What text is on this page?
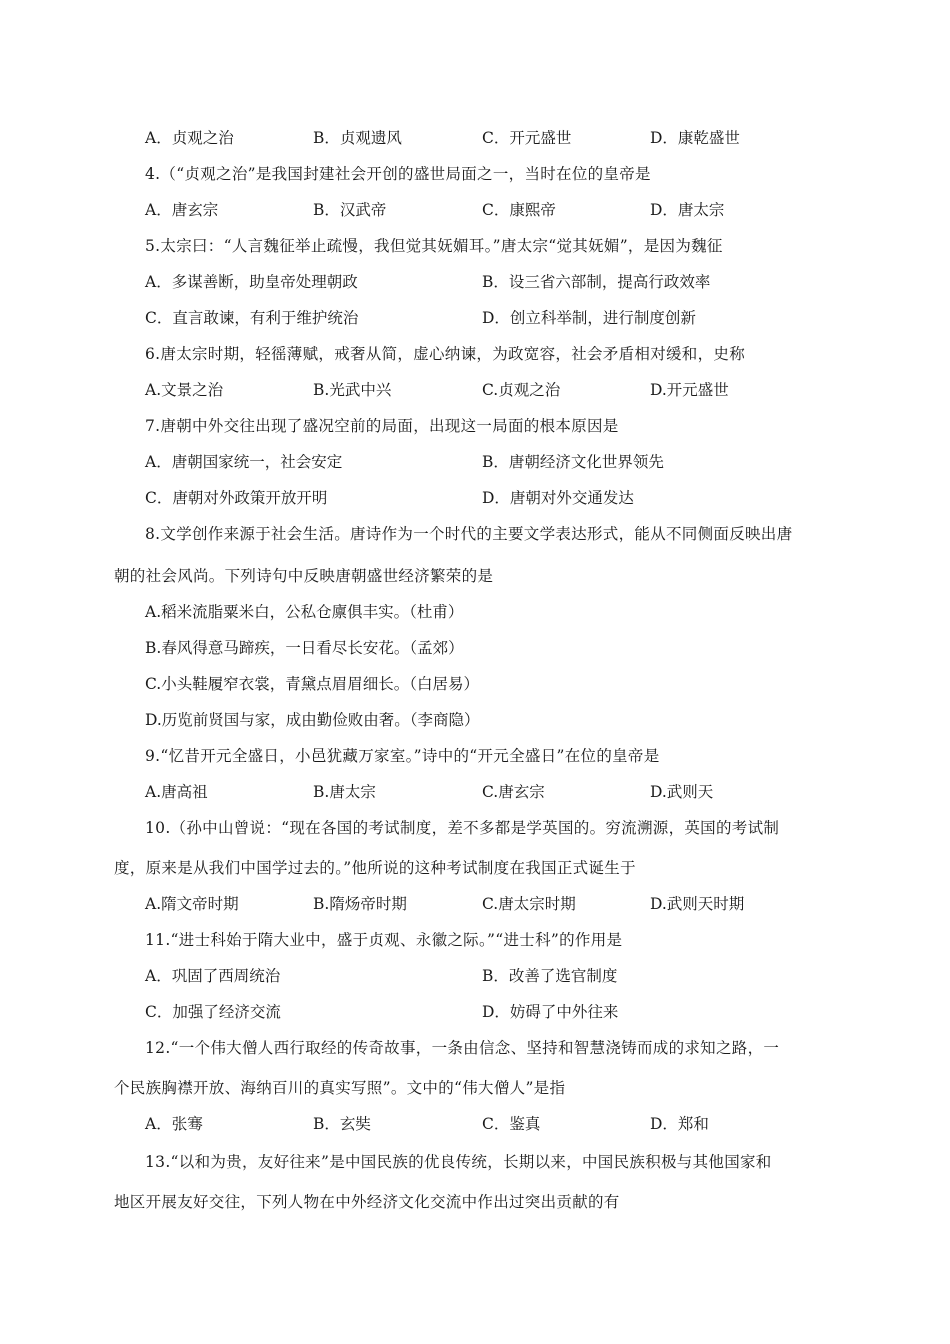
A．贞观之治	B．贞观遗风	C．开元盛世	D．康乾盛世
4.（“贞观之治”是我国封建社会开创的盛世局面之一，当时在位的皇帝是
A．唐玄宗	B．汉武帝	C．康熙帝	D．唐太宗
5.太宗曰：“人言魏征举止疏慢，我但觉其妩媚耳。”唐太宗“觉其妩媚”，是因为魏征
A．多谋善断，助皇帝处理朝政	B．设三省六部制，提高行政效率
C．直言敢谏，有利于维护统治	D．创立科举制，进行制度创新
6.唐太宗时期，轻徭薄赋，戒奢从简，虚心纳谏，为政宽容，社会矛盾相对缓和，史称
A.文景之治	B.光武中兴	C.贞观之治	D.开元盛世
7.唐朝中外交往出现了盛况空前的局面，出现这一局面的根本原因是
A．唐朝国家统一，社会安定	B．唐朝经济文化世界领先
C．唐朝对外政策开放开明	D．唐朝对外交通发达
8.文学创作来源于社会生活。唐诗作为一个时代的主要文学表达形式，能从不同侧面反映出唐
朝的社会风尚。下列诗句中反映唐朝盛世经济繁荣的是
A.稻米流脂粟米白，公私仓廪俱丰实。（杜甫）
B.春风得意马蹄疾，一日看尽长安花。（孟郊）
C.小头鞋履窄衣裳，青黛点眉眉细长。（白居易）
D.历览前贤国与家，成由勤俭败由奢。（李商隐）
9.“忆昔开元全盛日，小邑犹藏万家室。”诗中的“开元全盛日”在位的皇帝是
A.唐高祖	B.唐太宗	C.唐玄宗	D.武则天
10.（孙中山曾说：“现在各国的考试制度，差不多都是学英国的。穷流溯源，英国的考试制
度，原来是从我们中国学过去的。”他所说的这种考试制度在我国正式诞生于
A.隋文帝时期	B.隋炀帝时期	C.唐太宗时期	D.武则天时期
11.“进士科始于隋大业中，盛于贞观、永徽之际。”“进士科”的作用是
A．巩固了西周统治	B．改善了选官制度
C．加强了经济交流	D．妨碍了中外往来
12.“一个伟大僧人西行取经的传奇故事，一条由信念、坚持和智慧浇铸而成的求知之路，一
个民族胸襟开放、海纳百川的真实写照”。文中的“伟大僧人”是指
A．张骞	B．玄奘	C．鉴真	D．郑和
13.“以和为贵，友好往来”是中国民族的优良传统，长期以来，中国民族积极与其他国家和
地区开展友好交往，下列人物在中外经济文化交流中作出过突出贡献的有
